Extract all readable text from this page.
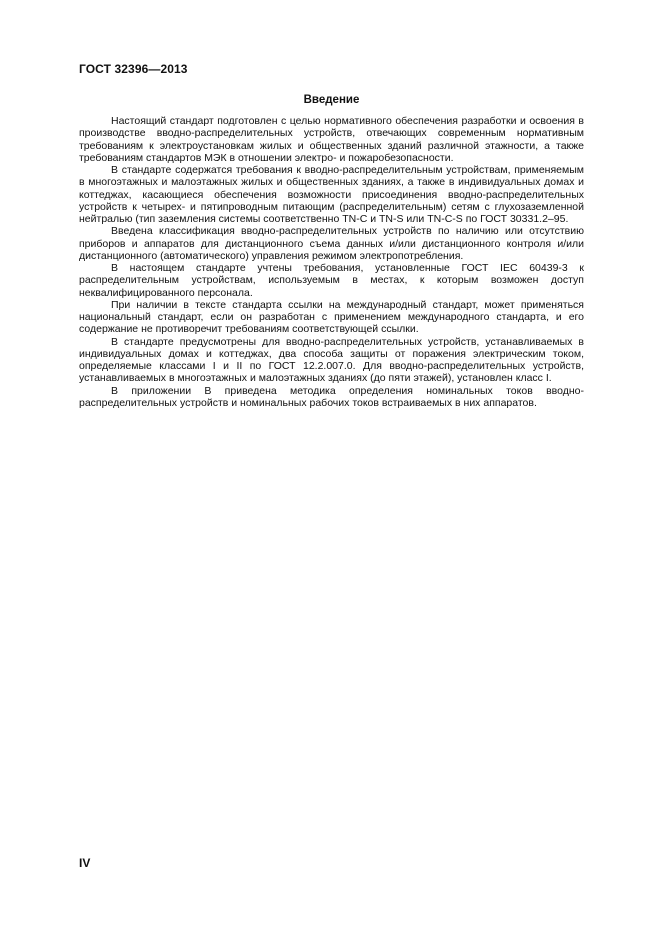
ГОСТ 32396—2013
Введение

Настоящий стандарт подготовлен с целью нормативного обеспечения разработки и освоения в производстве вводно-распределительных устройств, отвечающих современным нормативным требованиям к электроустановкам жилых и общественных зданий различной этажности, а также требованиям стандартов МЭК в отношении электро- и пожаробезопасности.

В стандарте содержатся требования к вводно-распределительным устройствам, применяемым в многоэтажных и малоэтажных жилых и общественных зданиях, а также в индивидуальных домах и коттеджах, касающиеся обеспечения возможности присоединения вводно-распределительных устройств к четырех- и пятипроводным питающим (распределительным) сетям с глухозаземленной нейтралью (тип заземления системы соответственно TN-C и TN-S или TN-C-S по ГОСТ 30331.2–95.

Введена классификация вводно-распределительных устройств по наличию или отсутствию приборов и аппаратов для дистанционного съема данных и/или дистанционного контроля и/или дистанционного (автоматического) управления режимом электропотребления.

В настоящем стандарте учтены требования, установленные ГОСТ IEC 60439-3 к распределительным устройствам, используемым в местах, к которым возможен доступ неквалифицированного персонала.

При наличии в тексте стандарта ссылки на международный стандарт, может применяться национальный стандарт, если он разработан с применением международного стандарта, и его содержание не противоречит требованиям соответствующей ссылки.

В стандарте предусмотрены для вводно-распределительных устройств, устанавливаемых в индивидуальных домах и коттеджах, два способа защиты от поражения электрическим током, определяемые классами I и II по ГОСТ 12.2.007.0. Для вводно-распределительных устройств, устанавливаемых в многоэтажных и малоэтажных зданиях (до пяти этажей), установлен класс I.

В приложении В приведена методика определения номинальных токов вводно-распределительных устройств и номинальных рабочих токов встраиваемых в них аппаратов.

IV
